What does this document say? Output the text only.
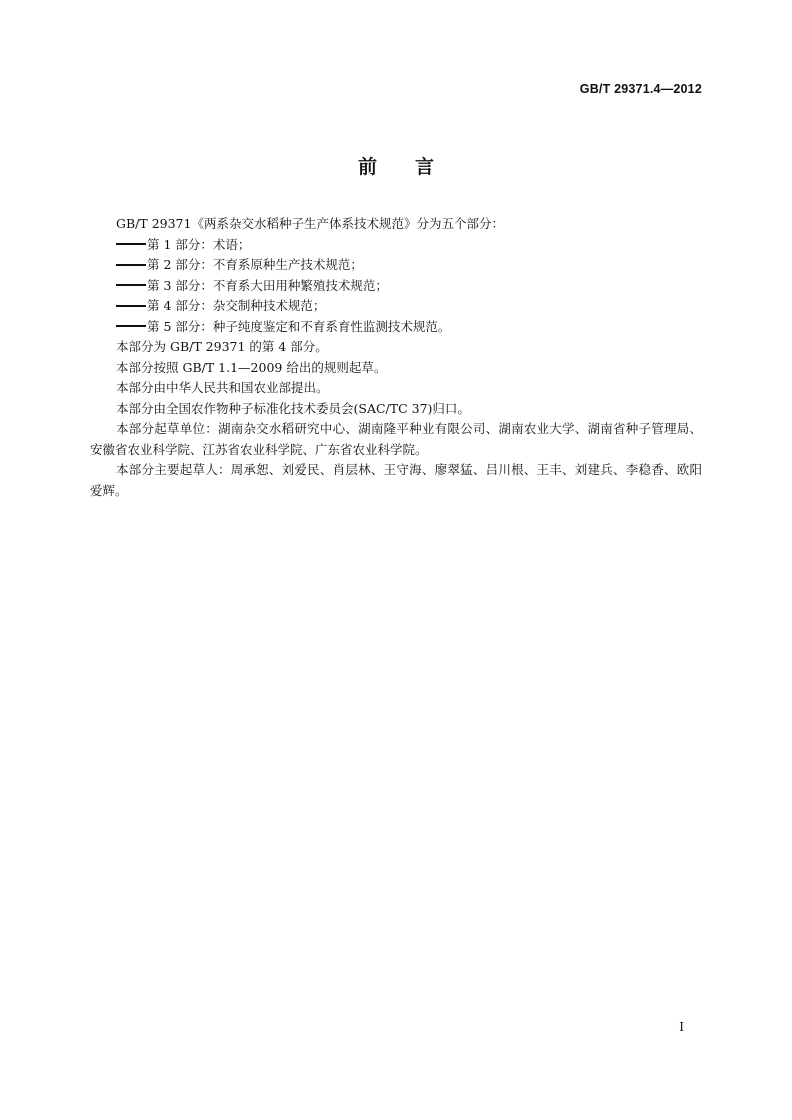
GB/T 29371.4—2012
前 言

GB/T 29371《两系杂交水稻种子生产体系技术规范》分为五个部分：

第 1 部分：术语；
第 2 部分：不育系原种生产技术规范；
第 3 部分：不育系大田用种繁殖技术规范；
第 4 部分：杂交制种技术规范；
第 5 部分：种子纯度鉴定和不育系育性监测技术规范。

本部分为 GB/T 29371 的第 4 部分。

本部分按照 GB/T 1.1—2009 给出的规则起草。

本部分由中华人民共和国农业部提出。

本部分由全国农作物种子标准化技术委员会(SAC/TC 37)归口。

本部分起草单位：湖南杂交水稻研究中心、湖南隆平种业有限公司、湖南农业大学、湖南省种子管理局、安徽省农业科学院、江苏省农业科学院、广东省农业科学院。

本部分主要起草人：周承恕、刘爱民、肖层林、王守海、廖翠猛、吕川根、王丰、刘建兵、李稳香、欧阳爱辉。

I
